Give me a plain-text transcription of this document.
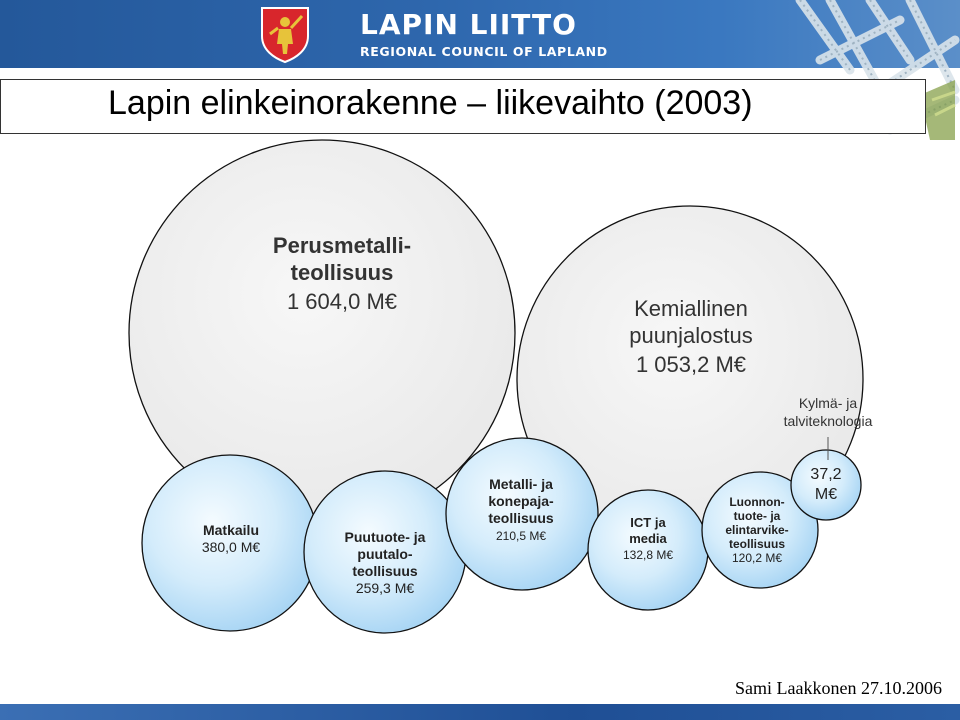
LAPIN LIITTO
REGIONAL COUNCIL OF LAPLAND
Lapin elinkeinorakenne – liikevaihto (2003)
Perusmetalli-
teollisuus
1 604,0 M€	Kemiallinen
puunjalostus
1 053,2 M€
Matkailu
380,0 M€
Puutuote- ja
puutalo-
teollisuus
259,3 M€
Metalli- ja
konepaja-
teollisuus
210,5 M€
ICT ja
media
132,8 M€
Luonnon-
tuote- ja
elintarvike-
teollisuus
120,2 M€
Kylmä- ja
talviteknologia
37,2
M€
Sami Laakkonen 27.10.2006
